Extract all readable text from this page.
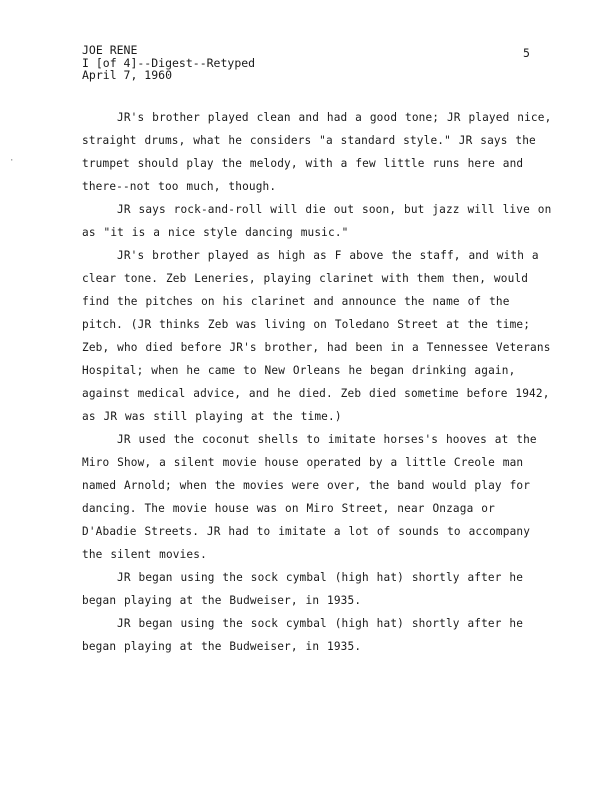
·
JOE RENE
I [of 4]--Digest--Retyped
April 7, 1960
5

JR's brother played clean and had a good tone; JR played nice, straight drums, what he considers "a standard style." JR says the trumpet should play the melody, with a few little runs here and there--not too much, though.

JR says rock-and-roll will die out soon, but jazz will live on as "it is a nice style dancing music."

JR's brother played as high as F above the staff, and with a clear tone. Zeb Leneries, playing clarinet with them then, would find the pitches on his clarinet and announce the name of the pitch. (JR thinks Zeb was living on Toledano Street at the time; Zeb, who died before JR's brother, had been in a Tennessee Veterans Hospital; when he came to New Orleans he began drinking again, against medical advice, and he died. Zeb died sometime before 1942, as JR was still playing at the time.)

JR used the coconut shells to imitate horses's hooves at the Miro Show, a silent movie house operated by a little Creole man named Arnold; when the movies were over, the band would play for dancing. The movie house was on Miro Street, near Onzaga or D'Abadie Streets. JR had to imitate a lot of sounds to accompany the silent movies.

JR began using the sock cymbal (high hat) shortly after he began playing at the Budweiser, in 1935.

JR began using the sock cymbal (high hat) shortly after he began playing at the Budweiser, in 1935.
